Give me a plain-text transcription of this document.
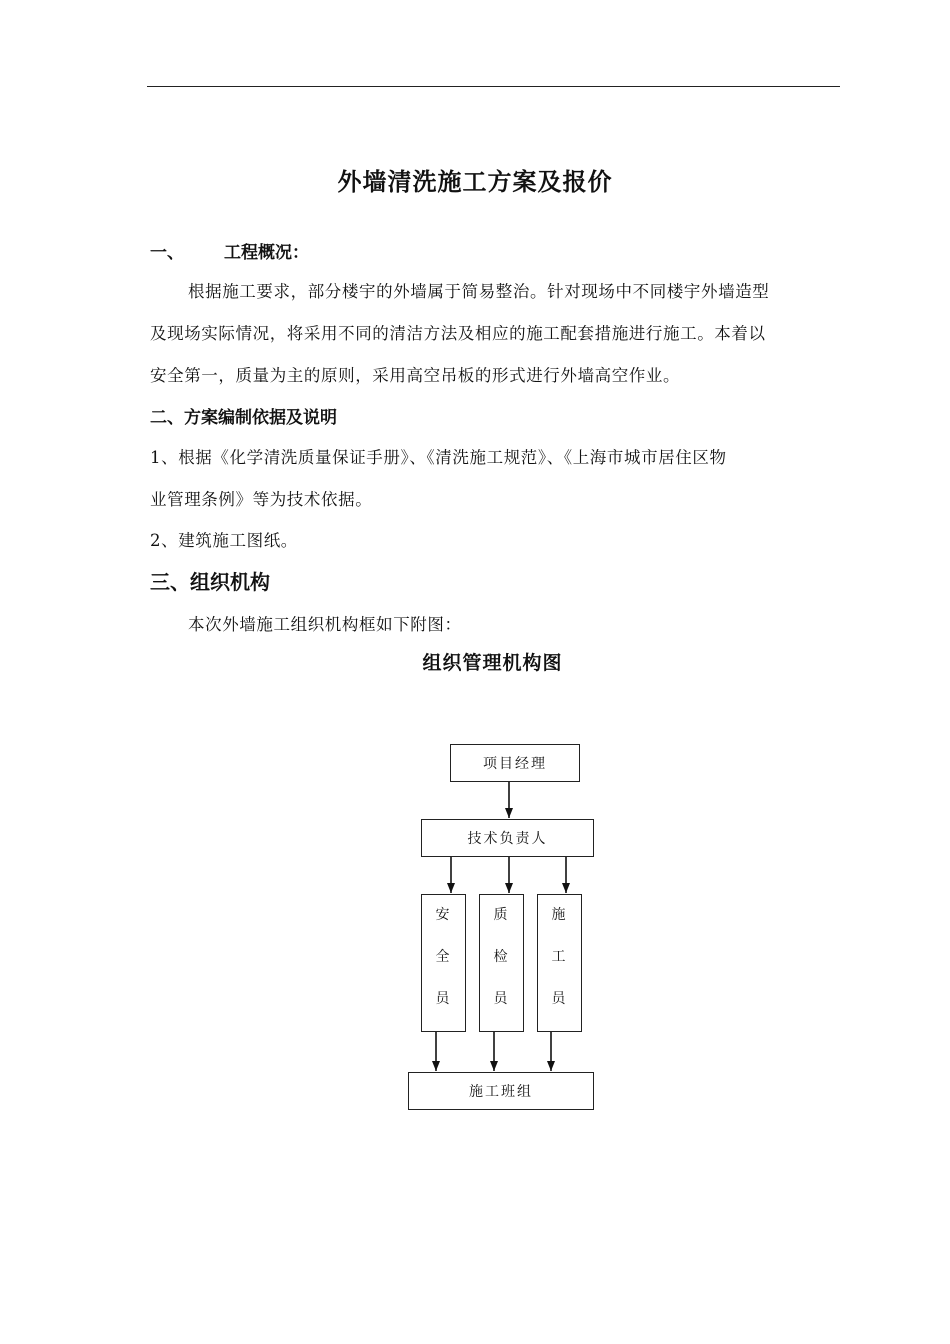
外墙清洗施工方案及报价
一、 工程概况：
根据施工要求，部分楼宇的外墙属于简易整治。针对现场中不同楼宇外墙造型
及现场实际情况，将采用不同的清洁方法及相应的施工配套措施进行施工。本着以
安全第一，质量为主的原则，采用高空吊板的形式进行外墙高空作业。
二、方案编制依据及说明
1、根据《化学清洗质量保证手册》、《清洗施工规范》、《上海市城市居住区物
业管理条例》等为技术依据。
2、建筑施工图纸。
三、组织机构
本次外墙施工组织机构框如下附图：
组织管理机构图
项目经理
技术负责人
安
全
员
质
检
员
施
工
员
施工班组
